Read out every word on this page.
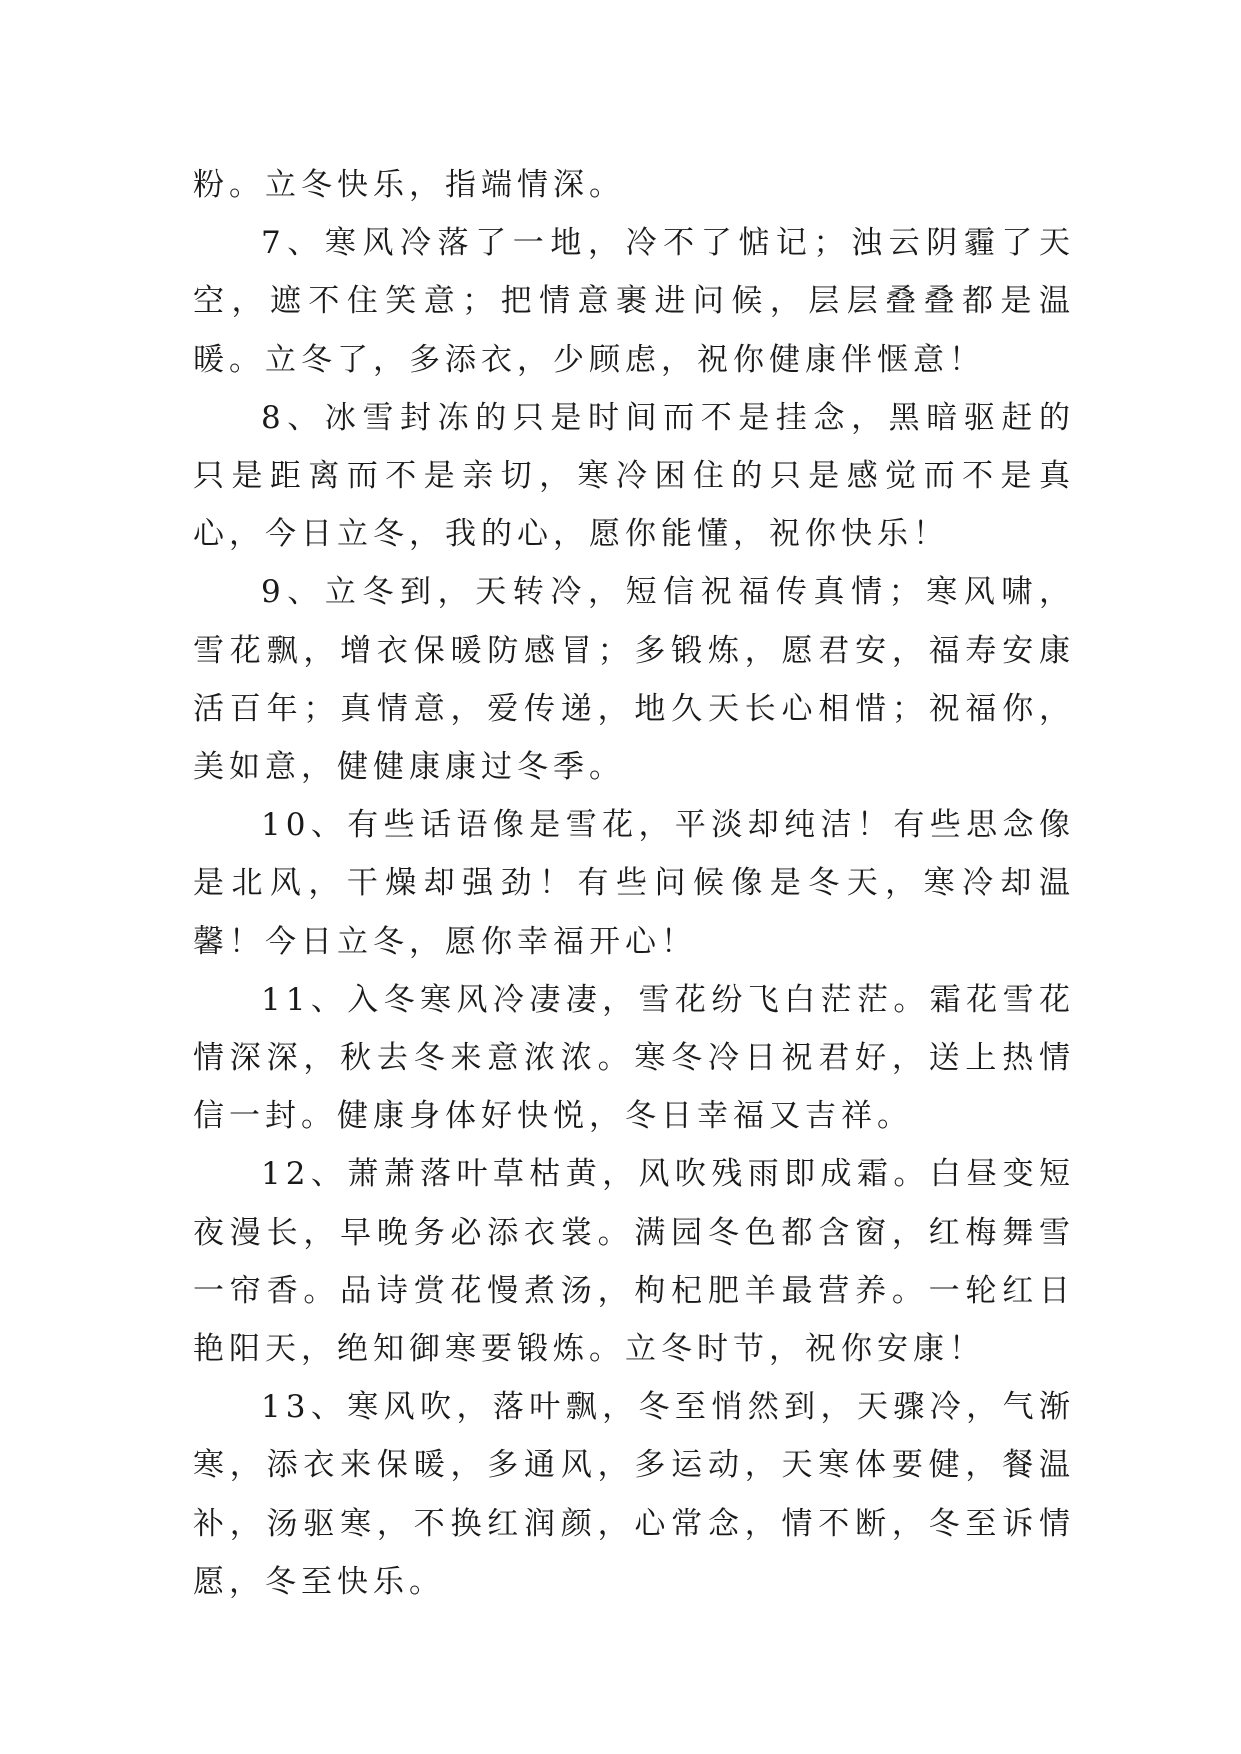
粉。立冬快乐，指端情深。

7、寒风冷落了一地，冷不了惦记；浊云阴霾了天空，遮不住笑意；把情意裹进问候，层层叠叠都是温暖。立冬了，多添衣，少顾虑，祝你健康伴惬意！

8、冰雪封冻的只是时间而不是挂念，黑暗驱赶的只是距离而不是亲切，寒冷困住的只是感觉而不是真心，今日立冬，我的心，愿你能懂，祝你快乐！

9、立冬到，天转冷，短信祝福传真情；寒风啸，雪花飘，增衣保暖防感冒；多锻炼，愿君安，福寿安康活百年；真情意，爱传递，地久天长心相惜；祝福你，美如意，健健康康过冬季。

10、有些话语像是雪花，平淡却纯洁！有些思念像是北风，干燥却强劲！有些问候像是冬天，寒冷却温馨！今日立冬，愿你幸福开心！

11、入冬寒风冷凄凄，雪花纷飞白茫茫。霜花雪花情深深，秋去冬来意浓浓。寒冬冷日祝君好，送上热情信一封。健康身体好快悦，冬日幸福又吉祥。

12、萧萧落叶草枯黄，风吹残雨即成霜。白昼变短夜漫长，早晚务必添衣裳。满园冬色都含窗，红梅舞雪一帘香。品诗赏花慢煮汤，枸杞肥羊最营养。一轮红日艳阳天，绝知御寒要锻炼。立冬时节，祝你安康！

13、寒风吹，落叶飘，冬至悄然到，天骤冷，气渐寒，添衣来保暖，多通风，多运动，天寒体要健，餐温补，汤驱寒，不换红润颜，心常念，情不断，冬至诉情愿，冬至快乐。
